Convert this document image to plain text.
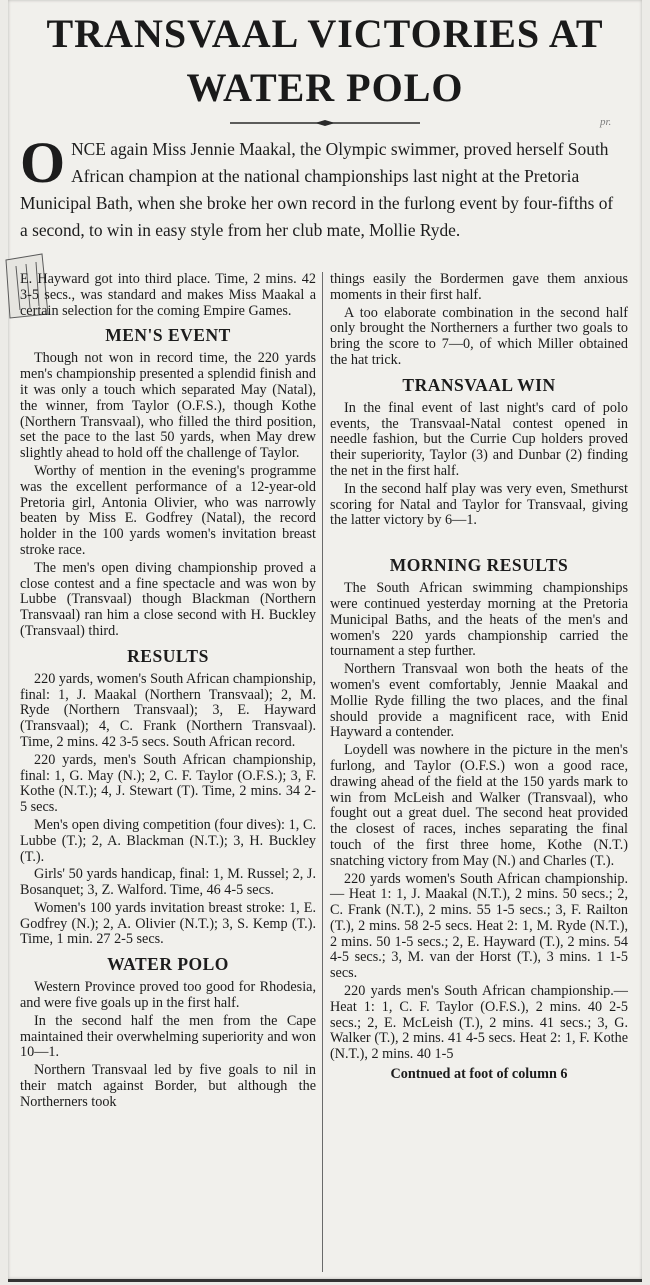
TRANSVAAL VICTORIES AT
WATER POLO
pr.
ONCE again Miss Jennie Maakal, the Olympic swimmer, proved herself South African champion at the national championships last night at the Pretoria Municipal Bath, when she broke her own record in the furlong event by four-fifths of a second, to win in easy style from her club mate, Mollie Ryde.

E. Hayward got into third place. Time, 2 mins. 42 3-5 secs., was standard and makes Miss Maakal a certain selection for the coming Empire Games.

MEN'S EVENT

Though not won in record time, the 220 yards men's championship presented a splendid finish and it was only a touch which separated May (Natal), the winner, from Taylor (O.F.S.), though Kothe (Northern Transvaal), who filled the third position, set the pace to the last 50 yards, when May drew slightly ahead to hold off the challenge of Taylor.

Worthy of mention in the evening's programme was the excellent performance of a 12-year-old Pretoria girl, Antonia Olivier, who was narrowly beaten by Miss E. Godfrey (Natal), the record holder in the 100 yards women's invitation breast stroke race.

The men's open diving championship proved a close contest and a fine spectacle and was won by Lubbe (Transvaal) though Blackman (Northern Transvaal) ran him a close second with H. Buckley (Transvaal) third.

RESULTS

220 yards, women's South African championship, final: 1, J. Maakal (Northern Transvaal); 2, M. Ryde (Northern Transvaal); 3, E. Hayward (Transvaal); 4, C. Frank (Northern Transvaal). Time, 2 mins. 42 3-5 secs. South African record.

220 yards, men's South African championship, final: 1, G. May (N.); 2, C. F. Taylor (O.F.S.); 3, F. Kothe (N.T.); 4, J. Stewart (T). Time, 2 mins. 34 2-5 secs.

Men's open diving competition (four dives): 1, C. Lubbe (T.); 2, A. Blackman (N.T.); 3, H. Buckley (T.).

Girls' 50 yards handicap, final: 1, M. Russel; 2, J. Bosanquet; 3, Z. Walford. Time, 46 4-5 secs.

Women's 100 yards invitation breast stroke: 1, E. Godfrey (N.); 2, A. Olivier (N.T.); 3, S. Kemp (T.). Time, 1 min. 27 2-5 secs.

WATER POLO

Western Province proved too good for Rhodesia, and were five goals up in the first half.

In the second half the men from the Cape maintained their overwhelming superiority and won 10—1.

Northern Transvaal led by five goals to nil in their match against Border, but although the Northerners took

things easily the Bordermen gave them anxious moments in their first half.

A too elaborate combination in the second half only brought the Northerners a further two goals to bring the score to 7—0, of which Miller obtained the hat trick.

TRANSVAAL WIN

In the final event of last night's card of polo events, the Transvaal-Natal contest opened in needle fashion, but the Currie Cup holders proved their superiority, Taylor (3) and Dunbar (2) finding the net in the first half.

In the second half play was very even, Smethurst scoring for Natal and Taylor for Transvaal, giving the latter victory by 6—1.

MORNING RESULTS

The South African swimming championships were continued yesterday morning at the Pretoria Municipal Baths, and the heats of the men's and women's 220 yards championship carried the tournament a step further.

Northern Transvaal won both the heats of the women's event comfortably, Jennie Maakal and Mollie Ryde filling the two places, and the final should provide a magnificent race, with Enid Hayward a contender.

Loydell was nowhere in the picture in the men's furlong, and Taylor (O.F.S.) won a good race, drawing ahead of the field at the 150 yards mark to win from McLeish and Walker (Transvaal), who fought out a great duel. The second heat provided the closest of races, inches separating the final touch of the first three home, Kothe (N.T.) snatching victory from May (N.) and Charles (T.).

220 yards women's South African championship.— Heat 1: 1, J. Maakal (N.T.), 2 mins. 50 secs.; 2, C. Frank (N.T.), 2 mins. 55 1-5 secs.; 3, F. Railton (T.), 2 mins. 58 2-5 secs. Heat 2: 1, M. Ryde (N.T.), 2 mins. 50 1-5 secs.; 2, E. Hayward (T.), 2 mins. 54 4-5 secs.; 3, M. van der Horst (T.), 3 mins. 1 1-5 secs.

220 yards men's South African championship.—Heat 1: 1, C. F. Taylor (O.F.S.), 2 mins. 40 2-5 secs.; 2, E. McLeish (T.), 2 mins. 41 secs.; 3, G. Walker (T.), 2 mins. 41 4-5 secs. Heat 2: 1, F. Kothe (N.T.), 2 mins. 40 1-5

Contnued at foot of column 6
